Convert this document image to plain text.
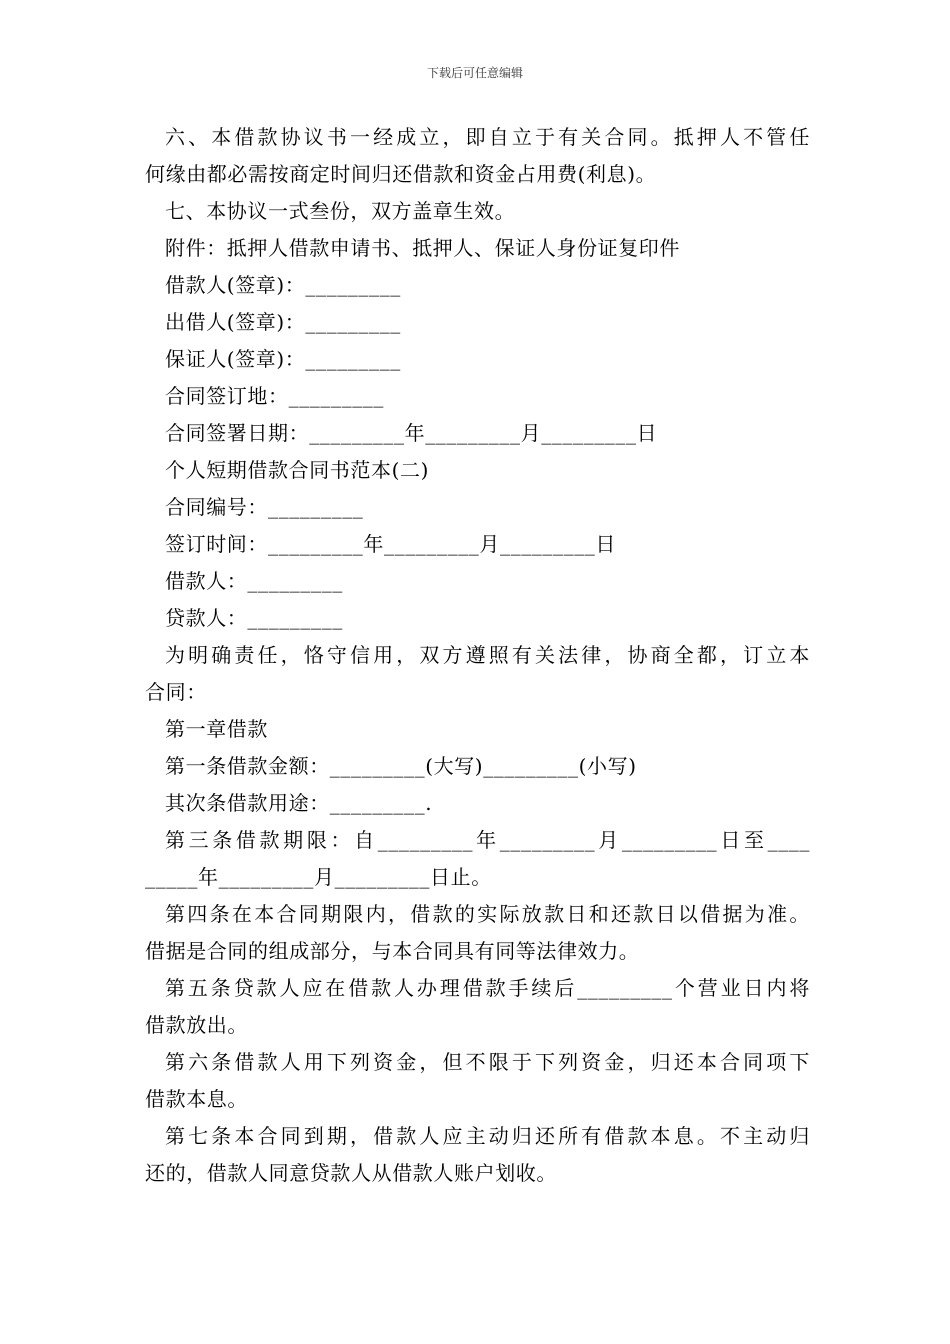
下载后可任意编辑
六、本借款协议书一经成立，即自立于有关合同。抵押人不管任
何缘由都必需按商定时间归还借款和资金占用费(利息)。
七、本协议一式叁份，双方盖章生效。
附件：抵押人借款申请书、抵押人、保证人身份证复印件
借款人(签章)：_________
出借人(签章)：_________
保证人(签章)：_________
合同签订地：_________
合同签署日期：_________年_________月_________日
个人短期借款合同书范本(二)
合同编号：_________
签订时间：_________年_________月_________日
借款人：_________
贷款人：_________
为明确责任，恪守信用，双方遵照有关法律，协商全都，订立本
合同：
第一章借款
第一条借款金额：_________(大写)_________(小写)
其次条借款用途：_________.
第三条借款期限：自_________年_________月_________日至____
_____年_________月_________日止。
第四条在本合同期限内，借款的实际放款日和还款日以借据为准。
借据是合同的组成部分，与本合同具有同等法律效力。
第五条贷款人应在借款人办理借款手续后_________个营业日内将
借款放出。
第六条借款人用下列资金，但不限于下列资金，归还本合同项下
借款本息。
第七条本合同到期，借款人应主动归还所有借款本息。不主动归
还的，借款人同意贷款人从借款人账户划收。
